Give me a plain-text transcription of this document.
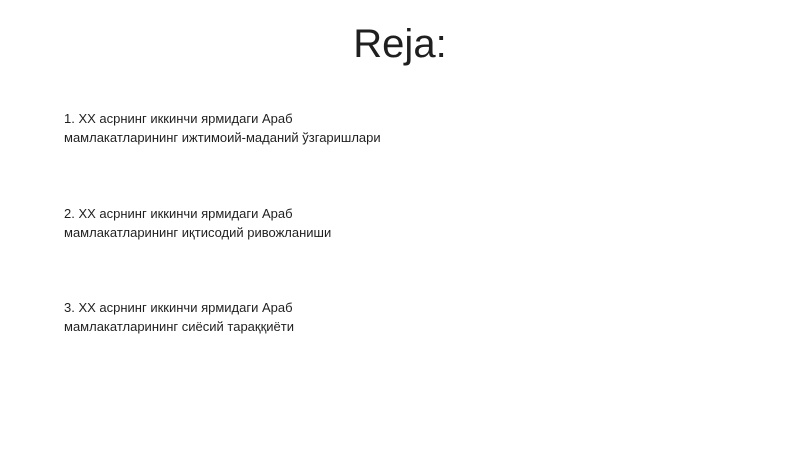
Reja:
1. XX асрнинг иккинчи ярмидаги Араб
мамлакатларининг ижтимоий-маданий ўзгаришлари
2. XX асрнинг иккинчи ярмидаги Араб
мамлакатларининг иқтисодий ривожланиши
3. XX асрнинг иккинчи ярмидаги Араб
мамлакатларининг сиёсий тараққиёти
